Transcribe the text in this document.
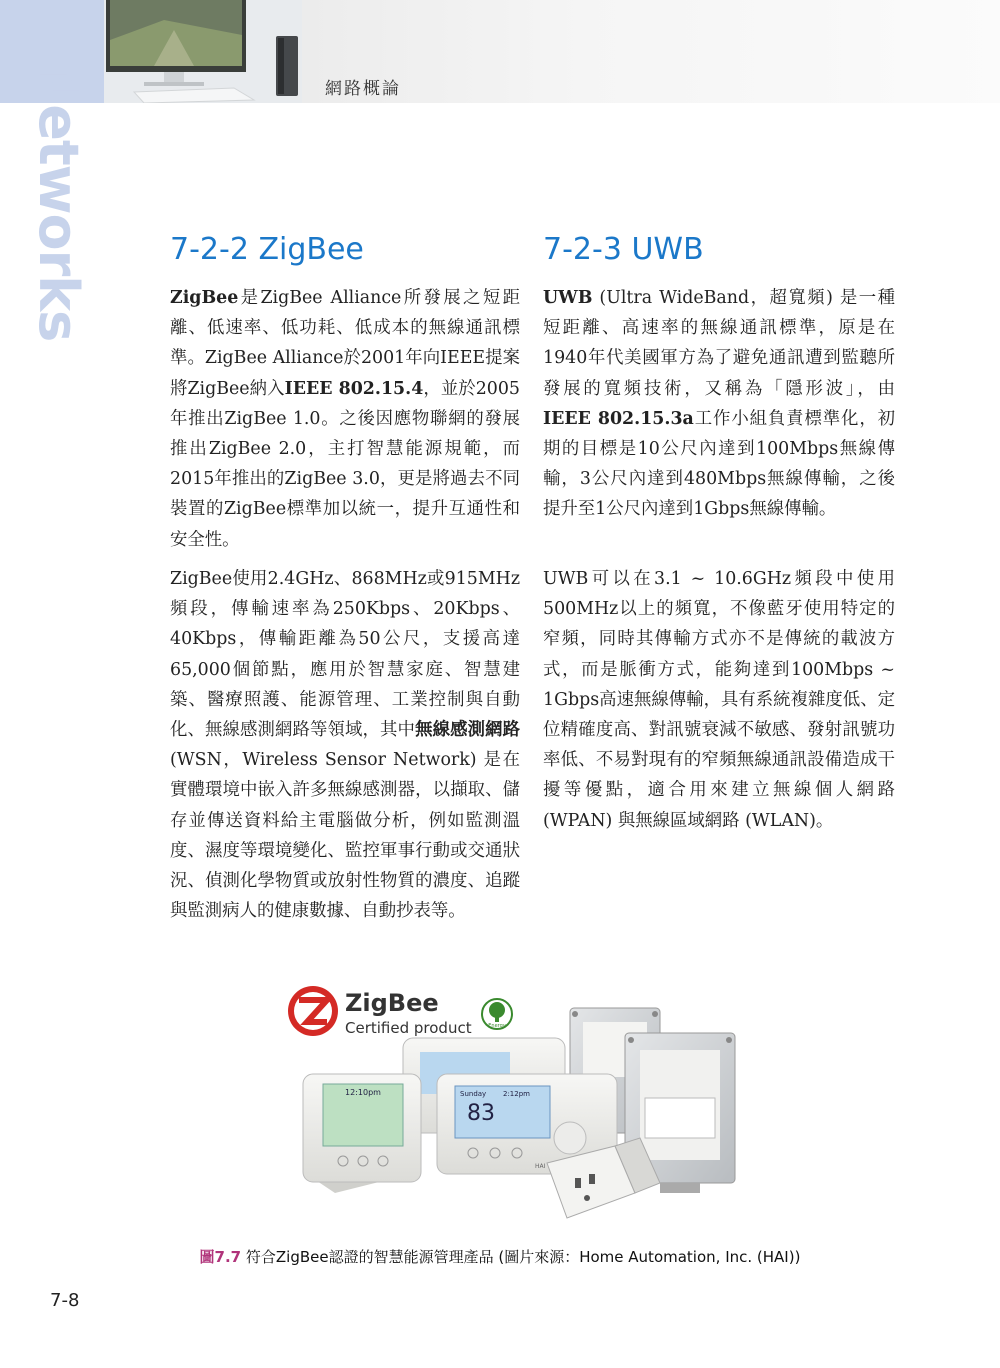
網路概論
Networks	7-2-2 ZigBee

ZigBee是ZigBee Alliance所發展之短距離、低速率、低功耗、低成本的無線通訊標準。ZigBee Alliance於2001年向IEEE提案將ZigBee納入IEEE 802.15.4，並於2005年推出ZigBee 1.0。之後因應物聯網的發展推出ZigBee 2.0，主打智慧能源規範，而2015年推出的ZigBee 3.0，更是將過去不同裝置的ZigBee標準加以統一，提升互通性和安全性。

ZigBee使用2.4GHz、868MHz或915MHz頻段，傳輸速率為250Kbps、20Kbps、40Kbps，傳輸距離為50公尺，支援高達65,000個節點，應用於智慧家庭、智慧建築、醫療照護、能源管理、工業控制與自動化、無線感測網路等領域，其中無線感測網路 (WSN，Wireless Sensor Network) 是在實體環境中嵌入許多無線感測器，以擷取、儲存並傳送資料給主電腦做分析，例如監測溫度、濕度等環境變化、監控軍事行動或交通狀況、偵測化學物質或放射性物質的濃度、追蹤與監測病人的健康數據、自動抄表等。

7-2-3 UWB

UWB (Ultra WideBand，超寬頻) 是一種短距離、高速率的無線通訊標準，原是在1940年代美國軍方為了避免通訊遭到監聽所發展的寬頻技術，又稱為「隱形波」，由IEEE 802.15.3a工作小組負責標準化，初期的目標是10公尺內達到100Mbps無線傳輸，3公尺內達到480Mbps無線傳輸，之後提升至1公尺內達到1Gbps無線傳輸。

UWB可以在3.1 ~ 10.6GHz頻段中使用500MHz以上的頻寬，不像藍牙使用特定的窄頻，同時其傳輸方式亦不是傳統的載波方式，而是脈衝方式，能夠達到100Mbps ~ 1Gbps高速無線傳輸，具有系統複雜度低、定位精確度高、對訊號衰減不敏感、發射訊號功率低、不易對現有的窄頻無線通訊設備造成干擾等優點，適合用來建立無線個人網路 (WPAN) 與無線區域網路 (WLAN)。

ZigBee
Certified product	Energy
12:10pm	Sunday 2:12pm
83
HAI
圖7.7 符合ZigBee認證的智慧能源管理產品 (圖片來源：Home Automation, Inc. (HAI))
7-8
